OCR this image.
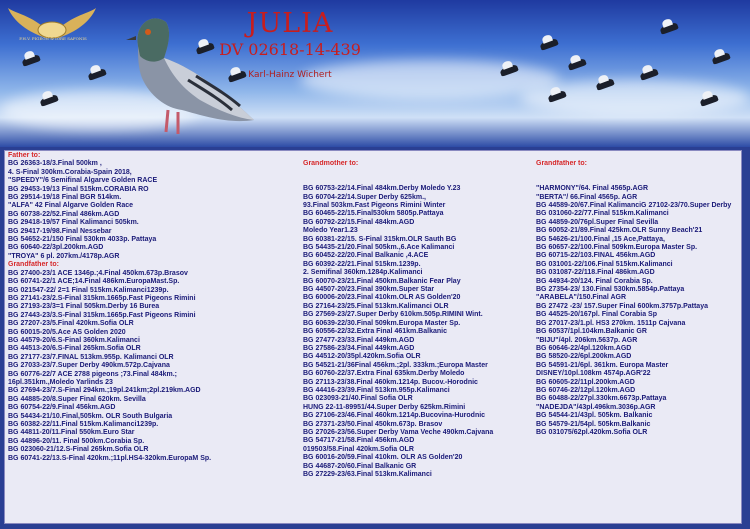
P.H.V. PIGEON & IORE SAFONIS	JULIA
DV 02618-14-439
Karl-Hainz Wichert
Father to:
BG 26363-18/3.Final 500km ,
4. S-Final 300km.Corabia-Spain 2018,
"SPEEDY"/6 Semifinal Algarve Golden RACE
BG 29453-19/13 Final 515km.CORABIA RO
BG 29514-19/18 Final BGR 514km.
"ALFA" 42 Final Algarve Golden Race
BG 60738-22/52.Final 486km.AGD
BG 29418-19/57 Final Kalimanci 505km.
BG 29417-19/98.Final Nessebar
BG 54652-21/150 Final 530km 4033p. Pattaya
BG 60640-22/3pl.200km.AGD
"TROYA" 6 pl. 207km./4178p.AGR
Grandfather to:
BG 27400-23/1 ACE 1346p.;4.Final 450km.673p.Brasov
BG 60741-22/1 ACE;14.Final 486km.EuropaMast.Sp.
BG 021547-22/ 2=1 Final 515km.Kalimanci1239p.
BG 27141-23/2.S-Final 315km.1665p.Fast Pigeons Rimini
BG 27193-23/3=1 Final 505km.Derby 16 Burea
BG 27443-23/3.S-Final 315km.1665p.Fast Pigeons Rimini
BG 27207-23/5.Final 420km.Sofia OLR
BG 60015-20/5.Ace AS Golden 2020
BG 44579-20/6.S-Final 360km.Kalimanci
BG 44513-20/6.S-Final 265km.Sofia OLR
BG 27177-23/7.FINAL 513km.955p. Kalimanci OLR
BG 27033-23/7.Super Derby 490km.572p.Cajvana
BG 60776-22/7 ACE 2788 pigeons ;73.Final 484km.;
16pl.351km.,Moledo Yarlinds 23
BG 27694-23/7.S-Final 294km.;19pl.241km;2pl.219km.AGD
BG 44885-20/8.Super Final 620km. Sevilla
BG 60754-22/9.Final 456km.AGD
BG 54434-21/10.Final,505km. OLR South Bulgaria
BG 60382-22/11.Final 515km.Kalimanci1239p.
BG 44811-20/11.Final 550km.Euro Star
BG 44896-20/11. Final 500km.Corabia Sp.
BG 023060-21/12.S-Final 265km.Sofia OLR
BG 60741-22/13.S-Final 420km.;11pl.HS4-320km.EuropaM Sp.
Grandmother to:
BG 60753-22/14.Final 484km.Derby Moledo Y.23
BG 60704-22/14.Super Derby 625km.,
93.Final 503km.Fast Pigeons Rimini Winter
BG 60465-22/15.Final530km 5805p.Pattaya
BG 60792-22/15.Final 484km.AGD
Moledo Year1.23
BG 60381-22/15. S-Final 315km.OLR Sauth BG
BG 54435-21/20.Final 505km.,6.Ace Kalimanci
BG 60452-22/20.Final Balkanic ,4.ACE
BG 60392-22/21.Final 515km.1239p.
2. Semifinal 360km.1284p.Kalimanci
BG 60070-23/21.Final 450km.Balkanic Fear Play
BG 44507-20/23.Final 390km.Super Star
BG 60006-20/23.Final 410km.OLR AS Golden'20
BG 27164-23/25.Final 513km.Kalimanci OLR
BG 27569-23/27.Super Derby 610km.505p.RIMINI Wint.
BG 60639-22/30.Final 509km.Europa Master Sp.
BG 60556-22/32.Extra Final 461km.Balkanic
BG 27477-23/33.Final 449km.AGD
BG 27586-23/34.Final 449km.AGD
BG 44512-20/35pl.420km.Sofia OLR
BG 54521-21/36Final 456km.;2pl. 333km.;Europa Master
BG 60760-22/37.Extra Final 635km.Derby Moledo
BG 27113-23/38.Final 460km.1214p. Bucov.-Horodnic
BG 44416-23/39.Final 513km.955p.Kalimanci
BG 023093-21/40.Final Sofia OLR
HUNG 22-11-89951/44.Super Derby 625km.Rimini
BG 27106-23/46.Final 460km.1214p.Bucovina-Hurodnic
BG 27371-23/50.Final 450km.673p. Brasov
BG 27026-23/56.Super Derby Vama Veche 490km.Cajvana
BG 54717-21/58.Final 456km.AGD
019503/58.Final 420km.Sofia OLR
BG 60016-20/59.Final 410km. OLR AS Golden'20
BG 44687-20/60.Final Balkanic GR
BG 27229-23/63.Final 513km.Kalimanci
Grandfather to:
"HARMONY"/64. Final 4565p.AGR
"BERTA"/ 66.Final 4565p. AGR
BG 44589-20/67.Final KalimanciG 27102-23/70.Super Derby
BG 031060-22/77.Final 515km.Kalimanci
BG 44859-20/76pl.Super Final Sevilla
BG 60052-21/89.Final 425km.OLR Sunny Beach'21
BG 54626-21/100.Final ,15 Ace,Pattaya,
BG 60657-22/100.Final 509km.Europa Master Sp.
BG 60715-22/103.FINAL 456km.AGD
BG 031001-22/106.Final 515km.Kalimanci
BG 031087-22/118.Final 486km.AGD
BG 44934-20/124. Final Corabia Sp.
BG 27354-23/ 130.Final 530km.5854p.Pattaya
"ARABELA"/150.Final AGR
BG 27472 -23/ 157.Super Final 600km.3757p.Pattaya
BG 44525-20/167pl. Final Corabia Sp
BG 27017-23/1.pl. HS3 270km. 1511p Cajvana
BG 60537/1pl.104km.Balkanic GR
"BIJU"/4pl. 206km.5637p. AGR
BG 60646-22/4pl.120km.AGD
BG 58520-22/6pl.200km.AGD
BG 54591-21/6pl. 361km. Europa Master
DISNEY/10pl.108km 4574p.AGR'22
BG 60605-22/11pl.200km.AGD
BG 60746-22/12pl.120km.AGD
BG 60488-22/27pl.330km.6673p.Pattaya
"NADEJDA"/43pl.496km.3036p.AGR
BG 54544-21/43pl. 505km. Balkanic
BG 54579-21/54pl. 505km.Balkanic
BG 031075/62pl.420km.Sofia OLR
